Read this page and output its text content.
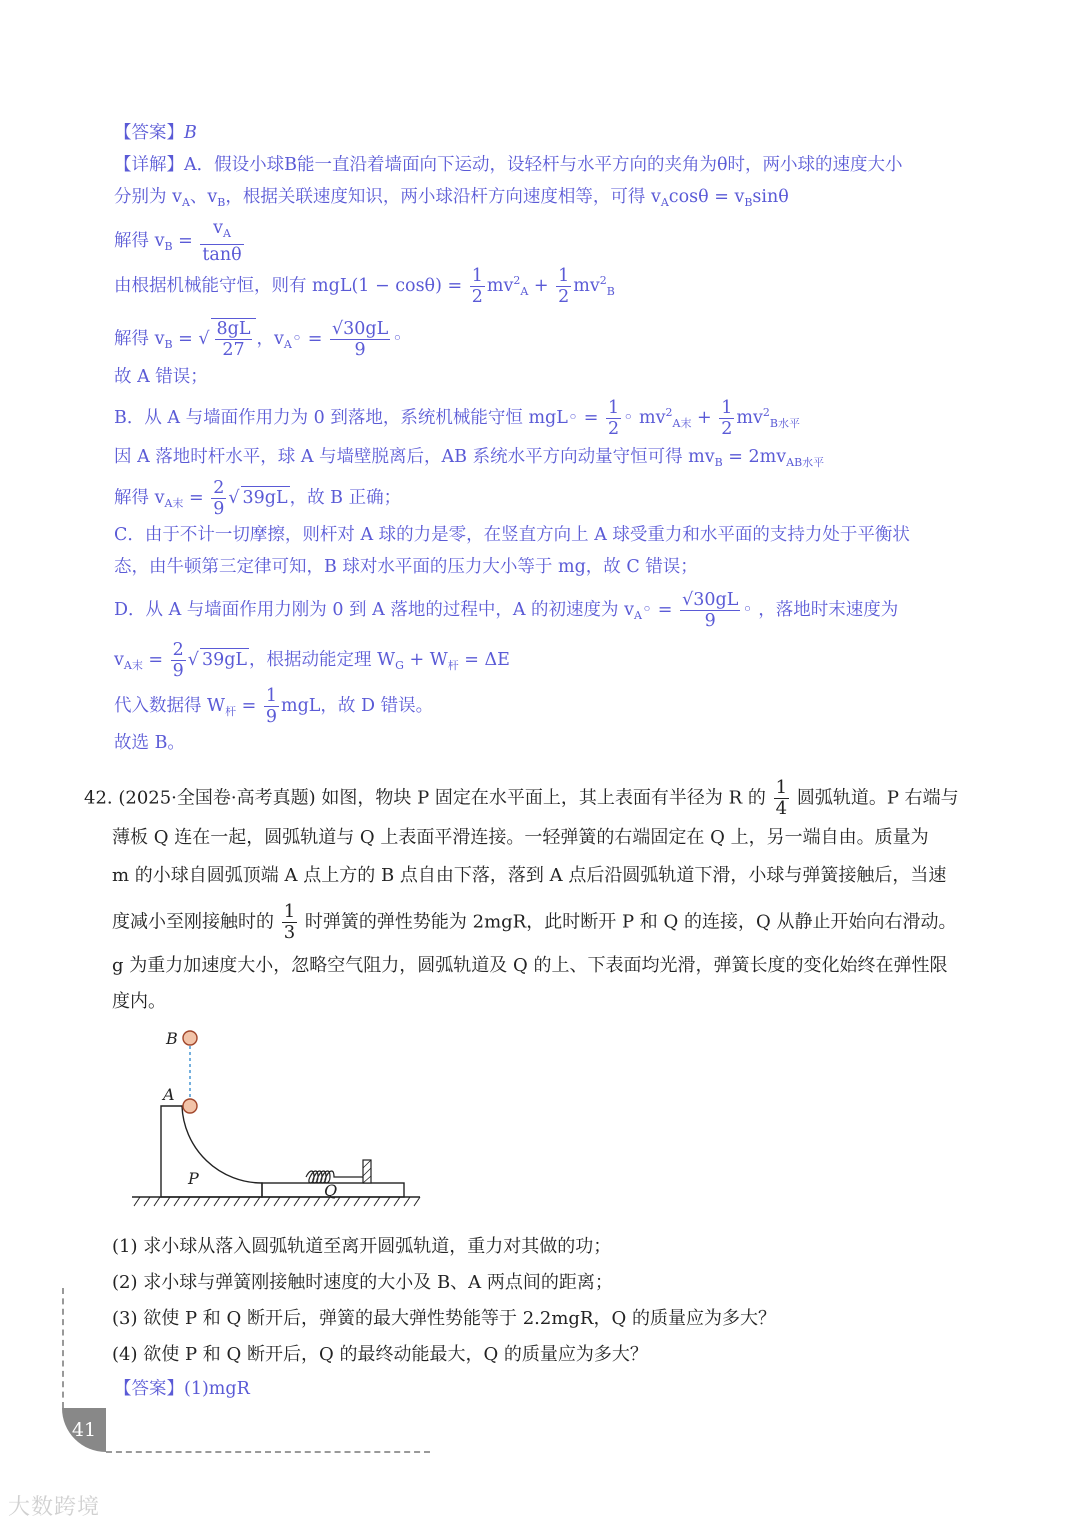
【答案】B
【详解】A．假设小球B能一直沿着墙面向下运动，设轻杆与水平方向的夹角为θ时，两小球的速度大小
分别为 $v_A$、$v_B$，根据关联速度知识，两小球沿杆方向速度相等，可得 $v_A\cos\theta = v_B\sin\theta$
解得 $v_B = \frac{v_A}{\tan\theta}$
由根据机械能守恒，则有 $mgL(1 - \cos\theta) = \frac{1}{2} mv^2_A + \frac{1}{2} mv^2_B$
解得 $v_B$ = √ $\frac{8gL}{27}$ ，$v_A◦ = \frac{√30gL}{9}$ ◦
故 A 错误；
B．从 A 与墙面作用力为 0 到落地，系统机械能守恒 mgL◦ = $\frac{1}{2}$ ◦ $mv^2_{A末} + \frac{1}{2} mv^2_{B水平}$
因 A 落地时杆水平，球 A 与墙壁脱离后，AB 系统水平方向动量守恒可得 $mv_B = 2mv_{AB水平}$
解得 $v_{A末} = \frac{2}{9}$ √ 39gL ，故 B 正确；
C．由于不计一切摩擦，则杆对 A 球的力是零，在竖直方向上 A 球受重力和水平面的支持力处于平衡状
态，由牛顿第三定律可知，B 球对水平面的压力大小等于 mg，故 C 错误；
D．从 A 与墙面作用力刚为 0 到 A 落地的过程中，A 的初速度为 $v_A◦ = \frac{√30gL}{9}$ ◦ ，落地时末速度为
$v_{A末} = \frac{2}{9}$ √ 39gL ，根据动能定理 $W_G + W_杆 = \Delta E$
代入数据得 $W_杆 = \frac{1}{9}$ mgL，故 D 错误。
故选 B。
42. (2025·全国卷·高考真题) 如图，物块 P 固定在水平面上，其上表面有半径为 R 的 $\frac{1}{4}$ 圆弧轨道。P 右端与
薄板 Q 连在一起，圆弧轨道与 Q 上表面平滑连接。一轻弹簧的右端固定在 Q 上，另一端自由。质量为
m 的小球自圆弧顶端 A 点上方的 B 点自由下落，落到 A 点后沿圆弧轨道下滑，小球与弹簧接触后，当速
度减小至刚接触时的 $\frac{1}{3}$ 时弹簧的弹性势能为 2mgR，此时断开 P 和 Q 的连接，Q 从静止开始向右滑动。
g 为重力加速度大小，忽略空气阻力，圆弧轨道及 Q 的上、下表面均光滑，弹簧长度的变化始终在弹性限
度内。
B
A
P
Q
(1) 求小球从落入圆弧轨道至离开圆弧轨道，重力对其做的功；
(2) 求小球与弹簧刚接触时速度的大小及 B、A 两点间的距离；
(3) 欲使 P 和 Q 断开后，弹簧的最大弹性势能等于 2.2mgR，Q 的质量应为多大？
(4) 欲使 P 和 Q 断开后，Q 的最终动能最大，Q 的质量应为多大？
【答案】(1)mgR
41
大数跨境
